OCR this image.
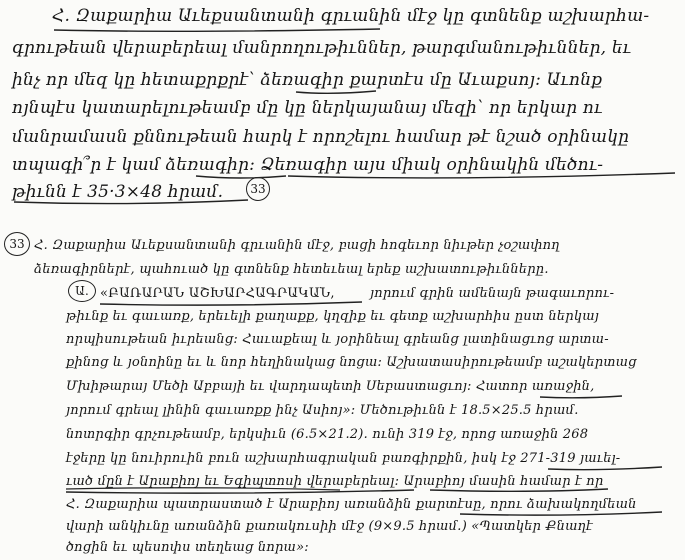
Հ․ Զաքարիա Աւեքսանտանի գրւանին մէջ կը գտնենք աշխարհա-
գրութեան վերաբերեալ մանրողութիւններ, թարգմանութիւններ, եւ
ինչ որ մեզ կը հետաքրքրէ՝ ձեռագիր քարտէս մը Աւաքսոյ: Աւոնք
ոյնպէս կատարելութեամբ մը կը ներկայանայ մեզի՝ որ երկար ու
մանրամասն քննութեան հարկ է որոշելու համար թէ նշած օրինակը
տպագի՞ր է կամ ձեռագիր: Ձեռագիր այս միակ օրինակին մեծու-
թիւնն է 35·3×48 հրամ․	33
33 Հ․ Զաքարիա Աւեքսանտանի գրւանին մէջ, բացի հոգեւոր նիւթեր չօշափող
ձեռագիրներէ, պահուած կը գտնենք հետեւեալ երեք աշխատութիւնները․
Ա․ «ԲԱՌԱՐԱՆ ԱՇԽԱՐՀԱԳՐԱԿԱՆ,	յորում գրին ամենայն թագաւորու-
թիւնք եւ գաւառք, երեւելի քաղաքք, կղզիք եւ գետք աշխարհիս ըստ ներկայ
որպիսութեան իւրեանց: Հաւաքեալ և յօրինեալ գրեանց լատինացւոց արտա-
քինոց և յօնոինը եւ և նոր հեղինակաց նոցա: Աշխատասիրութեամբ աշակերտաց
Մխիթարայ Մեծի Աբբայի եւ վարդապետի Սեբաստացւոյ: Հատոր առաջին,
յորում գրեալ լինին գաւառքք ինչ Ասիոյ»: Մեծութիւնն է 18.5×25.5 հրամ․
նոտրգիր գրչութեամբ, երկսիւն (6.5×21.2)․ ունի 319 էջ, որոց առաջին 268
էջերը կը նուիրուին բուն աշխարհագրական բառգիրքին, իսկ էջ 271-319 յաւել-
ւած մըն է Արաբիոյ եւ Եգիպտոսի վերաբերեալ: Արաբիոյ մասին համար է որ
Հ․ Զաքարիա պատրաստած է Արաբիոյ առանձին քարտէսը, որու ձախակողմեան
վարի անկիւնը առանձին քառակուսիի մէջ (9×9.5 հրամ․) «Պատկեր Քնաղէ
ծոցին եւ պեսոփս տեղեաց նորա»:
